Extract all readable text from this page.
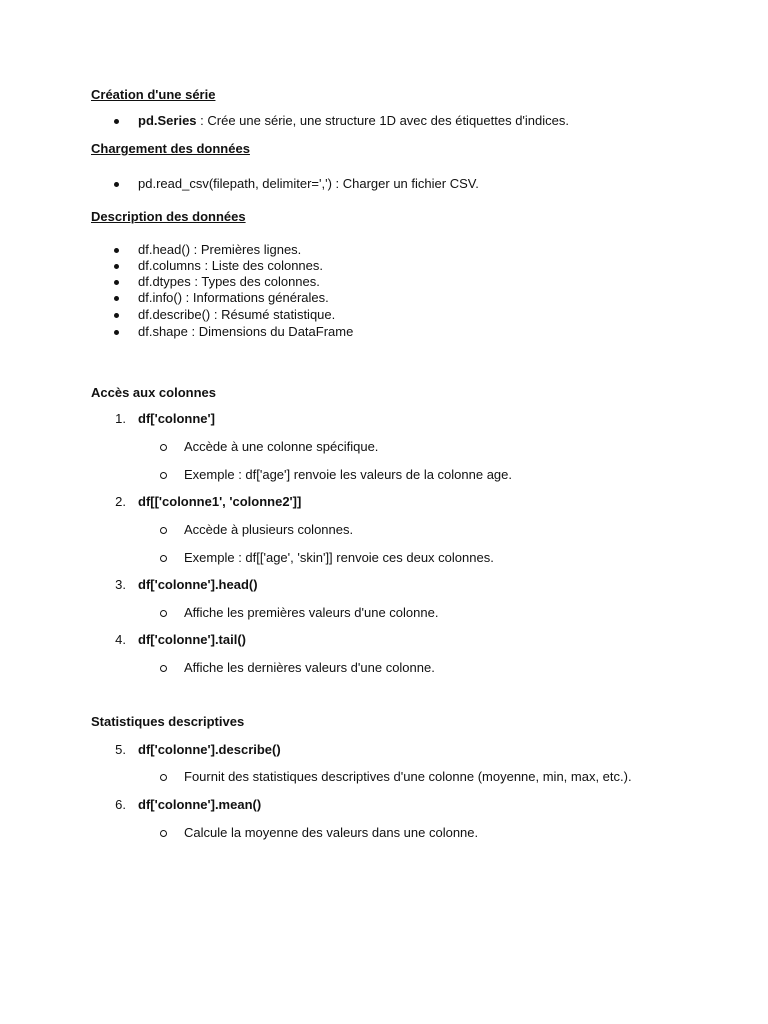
Création d'une série
pd.Series : Crée une série, une structure 1D avec des étiquettes d'indices.
Chargement des données
pd.read_csv(filepath, delimiter=',') : Charger un fichier CSV.
Description des données
df.head() : Premières lignes.
df.columns : Liste des colonnes.
df.dtypes : Types des colonnes.
df.info() : Informations générales.
df.describe() : Résumé statistique.
df.shape : Dimensions du DataFrame
Accès aux colonnes
1. df['colonne']
Accède à une colonne spécifique.
Exemple : df['age'] renvoie les valeurs de la colonne age.
2. df[['colonne1', 'colonne2']]
Accède à plusieurs colonnes.
Exemple : df[['age', 'skin']] renvoie ces deux colonnes.
3. df['colonne'].head()
Affiche les premières valeurs d'une colonne.
4. df['colonne'].tail()
Affiche les dernières valeurs d'une colonne.
Statistiques descriptives
5. df['colonne'].describe()
Fournit des statistiques descriptives d'une colonne (moyenne, min, max, etc.).
6. df['colonne'].mean()
Calcule la moyenne des valeurs dans une colonne.
